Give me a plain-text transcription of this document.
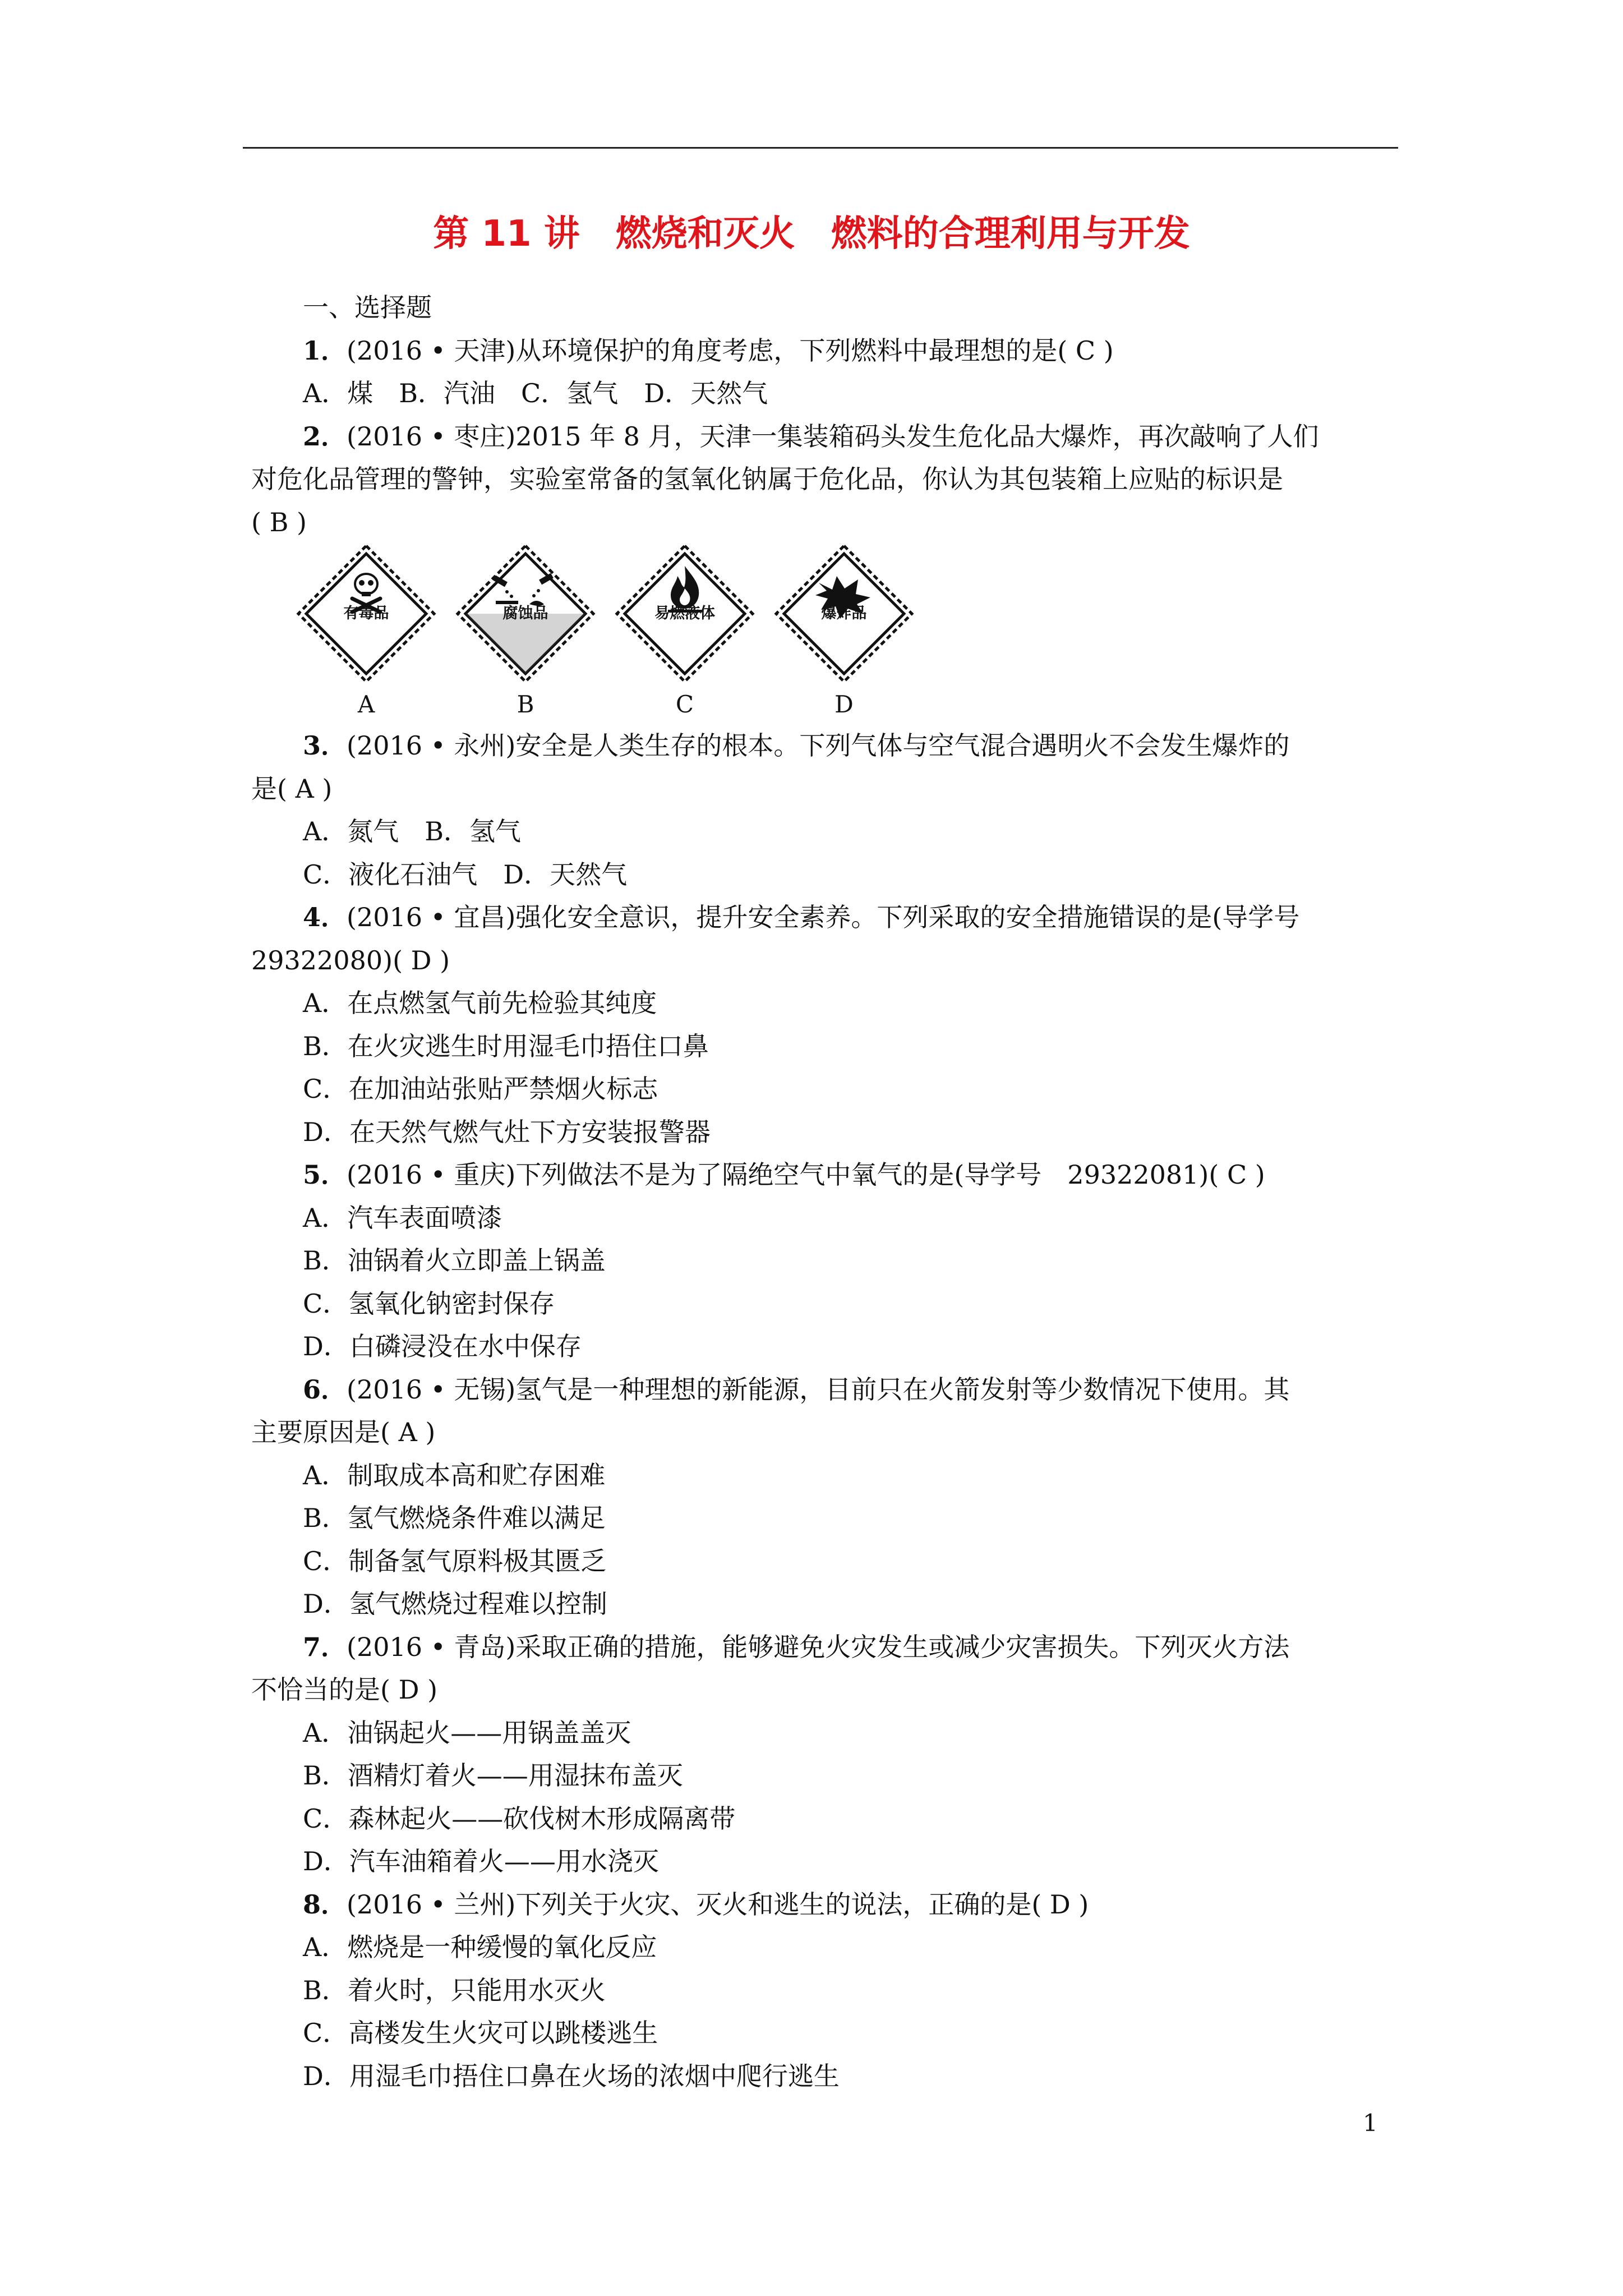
第 11 讲　燃烧和灭火　燃料的合理利用与开发
一、选择题
1．(2016 • 天津)从环境保护的角度考虑，下列燃料中最理想的是( C )
A．煤　B．汽油　C．氢气　D．天然气
2．(2016 • 枣庄)2015 年 8 月，天津一集装箱码头发生危化品大爆炸，再次敲响了人们
对危化品管理的警钟，实验室常备的氢氧化钠属于危化品，你认为其包装箱上应贴的标识是
( B )
有毒品
A
腐蚀品
B
易燃液体
C
爆炸品
D
3．(2016 • 永州)安全是人类生存的根本。下列气体与空气混合遇明火不会发生爆炸的
是( A )
A．氮气　B．氢气
C．液化石油气　D．天然气
4．(2016 • 宜昌)强化安全意识，提升安全素养。下列采取的安全措施错误的是(导学号
29322080)( D )
A．在点燃氢气前先检验其纯度
B．在火灾逃生时用湿毛巾捂住口鼻
C．在加油站张贴严禁烟火标志
D．在天然气燃气灶下方安装报警器
5．(2016 • 重庆)下列做法不是为了隔绝空气中氧气的是(导学号　29322081)( C )
A．汽车表面喷漆
B．油锅着火立即盖上锅盖
C．氢氧化钠密封保存
D．白磷浸没在水中保存
6．(2016 • 无锡)氢气是一种理想的新能源，目前只在火箭发射等少数情况下使用。其
主要原因是( A )
A．制取成本高和贮存困难
B．氢气燃烧条件难以满足
C．制备氢气原料极其匮乏
D．氢气燃烧过程难以控制
7．(2016 • 青岛)采取正确的措施，能够避免火灾发生或减少灾害损失。下列灭火方法
不恰当的是( D )
A．油锅起火——用锅盖盖灭
B．酒精灯着火——用湿抹布盖灭
C．森林起火——砍伐树木形成隔离带
D．汽车油箱着火——用水浇灭
8．(2016 • 兰州)下列关于火灾、灭火和逃生的说法，正确的是( D )
A．燃烧是一种缓慢的氧化反应
B．着火时，只能用水灭火
C．高楼发生火灾可以跳楼逃生
D．用湿毛巾捂住口鼻在火场的浓烟中爬行逃生
1
